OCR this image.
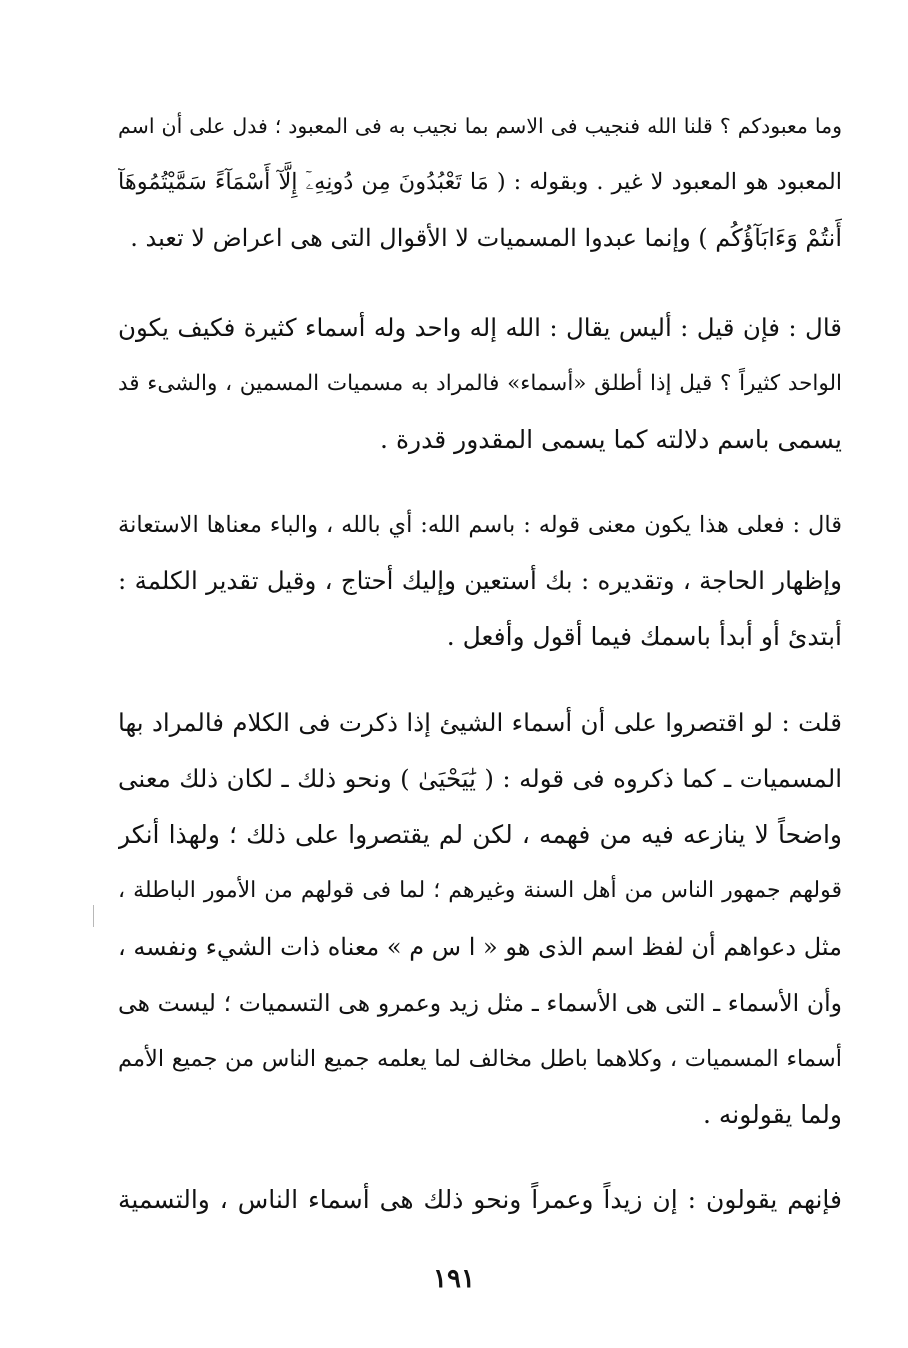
وما معبودكم ؟ قلنا الله فنجيب فى الاسم بما نجيب به فى المعبود ؛ فدل على أن اسم
المعبود هو المعبود لا غير . وبقوله : ( مَا تَعْبُدُونَ مِن دُونِهِۦٓ إِلَّآ أَسْمَآءً سَمَّيْتُمُوهَآ
أَنتُمْ وَءَابَآؤُكُم ) وإنما عبدوا المسميات لا الأقوال التى هى اعراض لا تعبد .
قال : فإن قيل : أليس يقال : الله إله واحد وله أسماء كثيرة فكيف يكون
الواحد كثيراً ؟ قيل إذا أطلق «أسماء» فالمراد به مسميات المسمين ، والشىء قد
يسمى باسم دلالته كما يسمى المقدور قدرة .
قال : فعلى هذا يكون معنى قوله : باسم الله: أي بالله ، والباء معناها الاستعانة
وإظهار الحاجة ، وتقديره : بك أستعين وإليك أحتاج ، وقيل تقدير الكلمة :
أبتدئ أو أبدأ باسمك فيما أقول وأفعل .
قلت : لو اقتصروا على أن أسماء الشيئ إذا ذكرت فى الكلام فالمراد بها
المسميات ـ كما ذكروه فى قوله : ( يَٰيَحْيَىٰ ) ونحو ذلك ـ لكان ذلك معنى
واضحاً لا ينازعه فيه من فهمه ، لكن لم يقتصروا على ذلك ؛ ولهذا أنكر
قولهم جمهور الناس من أهل السنة وغيرهم ؛ لما فى قولهم من الأمور الباطلة ،
مثل دعواهم أن لفظ اسم الذى هو « ا س م » معناه ذات الشيء ونفسه ،
وأن الأسماء ـ التى هى الأسماء ـ مثل زيد وعمرو هى التسميات ؛ ليست هى
أسماء المسميات ، وكلاهما باطل مخالف لما يعلمه جميع الناس من جميع الأمم
ولما يقولونه .
فإنهم يقولون : إن زيداً وعمراً ونحو ذلك هى أسماء الناس ، والتسمية
١٩١
